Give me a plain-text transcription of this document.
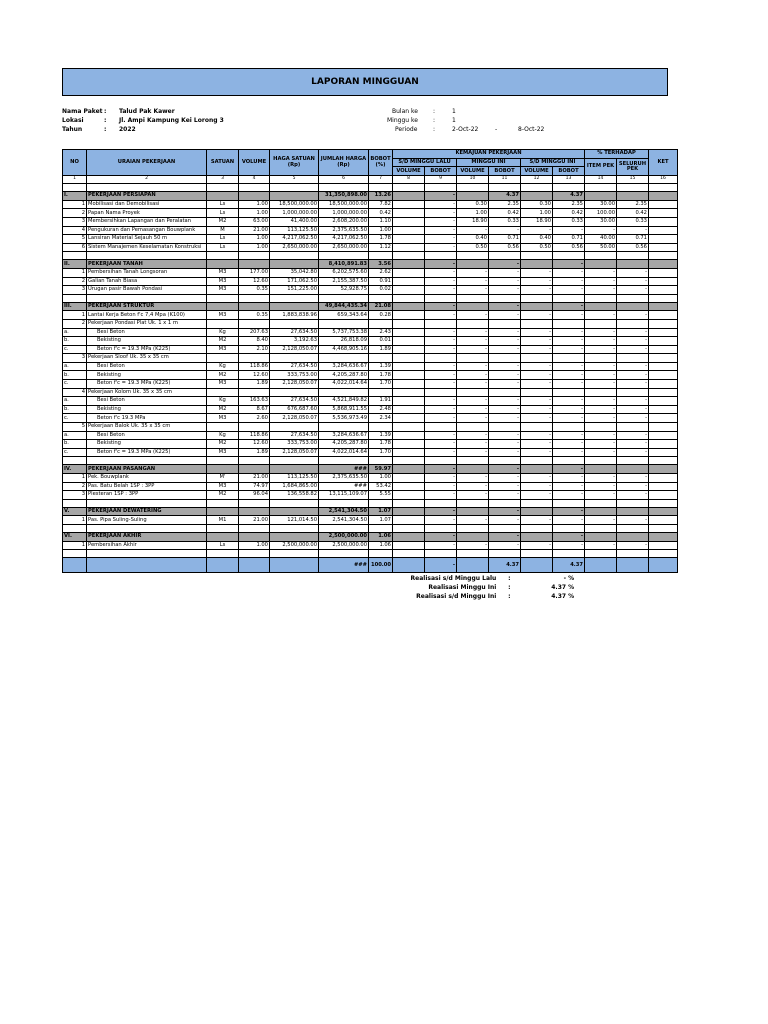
LAPORAN MINGGUAN
Nama Paket : Talud Pak Kawer
Lokasi	: Jl. Ampi Kampung Kei Lorong 3
Tahun	: 2022
Bulan ke	:	1
Minggu ke	:	1
Periode	:	2-Oct-22	-	8-Oct-22
NO	URAIAN PEKERJAAN	SATUAN	VOLUME	HAGA SATUAN (Rp)	JUMLAH HARGA (Rp)	BOBOT (%)	KEMAJUAN PEKERJAAN						% TERHADAP		KET
							S/D MINGGU LALU		MINGGU INI		S/D MINGGU INI		ITEM PEK	SELURUH PEK	
							VOLUME	BOBOT	VOLUME	BOBOT	VOLUME	BOBOT			
1	2	3	4	5	6	7	8	9	10	11	12	13	14	15	16

I.	PEKERJAAN PERSIAPAN				31,350,898.00	13.26		-		4.37		4.37			
1	Mobilisasi dan Demobilisasi	Ls	1.00	18,500,000.00	18,500,000.00	7.82		-	0.30	2.35	0.30	2.35	30.00	2.35	
2	Papan Nama Proyek	Ls	1.00	1,000,000.00	1,000,000.00	0.42		-	1.00	0.42	1.00	0.42	100.00	0.42	
3	Membersihkan Lapangan dan Peralatan	M2	63.00	41,400.00	2,608,200.00	1.10		-	18.90	0.33	18.90	0.33	30.00	0.33	
4	Pengukuran dan Pemasangan Bouwplank	M	21.00	113,125.50	2,375,635.50	1.00		-	-	-	-	-	-	-	
5	Lansiran Material Sejauh 50 m	Ls	1.00	4,217,062.50	4,217,062.50	1.78		-	0.40	0.71	0.40	0.71	40.00	0.71	
6	Sistem Manajemen Keselamatan Konstruksi	Ls	1.00	2,650,000.00	2,650,000.00	1.12		-	0.50	0.56	0.50	0.56	50.00	0.56	

II.	PEKERJAAN TANAH				8,410,891.83	3.56		-		-		-			
1	Pembersihan Tanah Longsoran	M3	177.00	35,042.80	6,202,575.60	2.62		-	-	-	-	-	-	-	
2	Galian Tanah Biasa	M3	12.60	171,062.50	2,155,387.50	0.91		-	-	-	-	-	-	-	
3	Urugan pasir Bawah Pondasi	M3	0.35	151,225.00	52,928.75	0.02		-	-	-	-	-	-	-	

III.	PEKERJAAN STRUKTUR				49,844,435.34	21.08		-		-		-			
1	Lantai Kerja Beton f'c 7,4 Mpa (K100)	M3	0.35	1,883,838.96	659,343.64	0.28		-	-	-	-	-	-	-	
2	Pekerjaan Pondasi Plat Uk. 1 x 1 m														
a.	Besi Beton	Kg	207.63	27,634.50	5,737,753.38	2.43		-	-	-	-	-	-	-	
b.	Bekisting	M2	8.40	3,192.63	26,818.09	0.01		-	-	-	-	-	-	-	
c.	Beton f'c = 19.3 MPa (K225)	M3	2.10	2,128,050.07	4,468,905.16	1.89		-	-	-	-	-	-	-	
3	Pekerjaan Sloof Uk. 35 x 35 cm														
a.	Besi Beton	Kg	118.86	27,634.50	3,284,636.67	1.39		-	-	-	-	-	-	-	
b.	Bekisting	M2	12.60	333,753.00	4,205,287.80	1.78		-	-	-	-	-	-	-	
c.	Beton f'c = 19.3 MPa (K225)	M3	1.89	2,128,050.07	4,022,014.64	1.70		-	-	-	-	-	-	-	
4	Pekerjaan Kolom Uk. 35 x 35 cm														
a.	Besi Beton	Kg	163.63	27,634.50	4,521,849.82	1.91		-	-	-	-	-	-	-	
b.	Bekisting	M2	8.67	676,687.60	5,868,911.55	2.48		-	-	-	-	-	-	-	
c.	Beton f'c 19.3 MPa	M3	2.60	2,128,050.07	5,536,973.49	2.34		-	-	-	-	-	-	-	
5	Pekerjaan Balok Uk. 35 x 35 cm														
a.	Besi Beton	Kg	118.86	27,634.50	3,284,636.67	1.39		-	-	-	-	-	-	-	
b.	Bekisting	M2	12.60	333,753.00	4,205,287.80	1.78		-	-	-	-	-	-	-	
c.	Beton f'c = 19.3 MPa (K225)	M3	1.89	2,128,050.07	4,022,014.64	1.70		-	-	-	-	-	-	-	

IV.	PEKERJAAN PASANGAN				###	59.97		-		-		-			
1	Pek. Bouwplank	M'	21.00	113,125.50	2,375,635.50	1.00		-	-	-	-	-	-	-	
2	Pas. Batu Belah 1SP : 3PP	M3	74.97	1,684,865.00	###	53.42		-	-	-	-	-	-	-	
3	Plesteran 1SP : 3PP	M2	96.04	136,558.82	13,115,109.07	5.55		-	-	-	-	-	-	-	

V.	PEKERJAAN DEWATERING				2,541,304.50	1.07		-		-		-			
1	Pas. Pipa Suling-Suling	M1	21.00	121,014.50	2,541,304.50	1.07		-	-	-	-	-	-	-	

VI.	PEKERJAAN AKHIR				2,500,000.00	1.06		-		-		-			
1	Pembersihan Akhir	Ls	1.00	2,500,000.00	2,500,000.00	1.06		-	-	-	-	-	-	-	

					###	100.00		-		4.37		4.37			
Realisasi s/d Minggu Lalu	:	- %
Realisasi Minggu Ini	:	4.37 %
Realisasi s/d Minggu Ini	:	4.37 %
